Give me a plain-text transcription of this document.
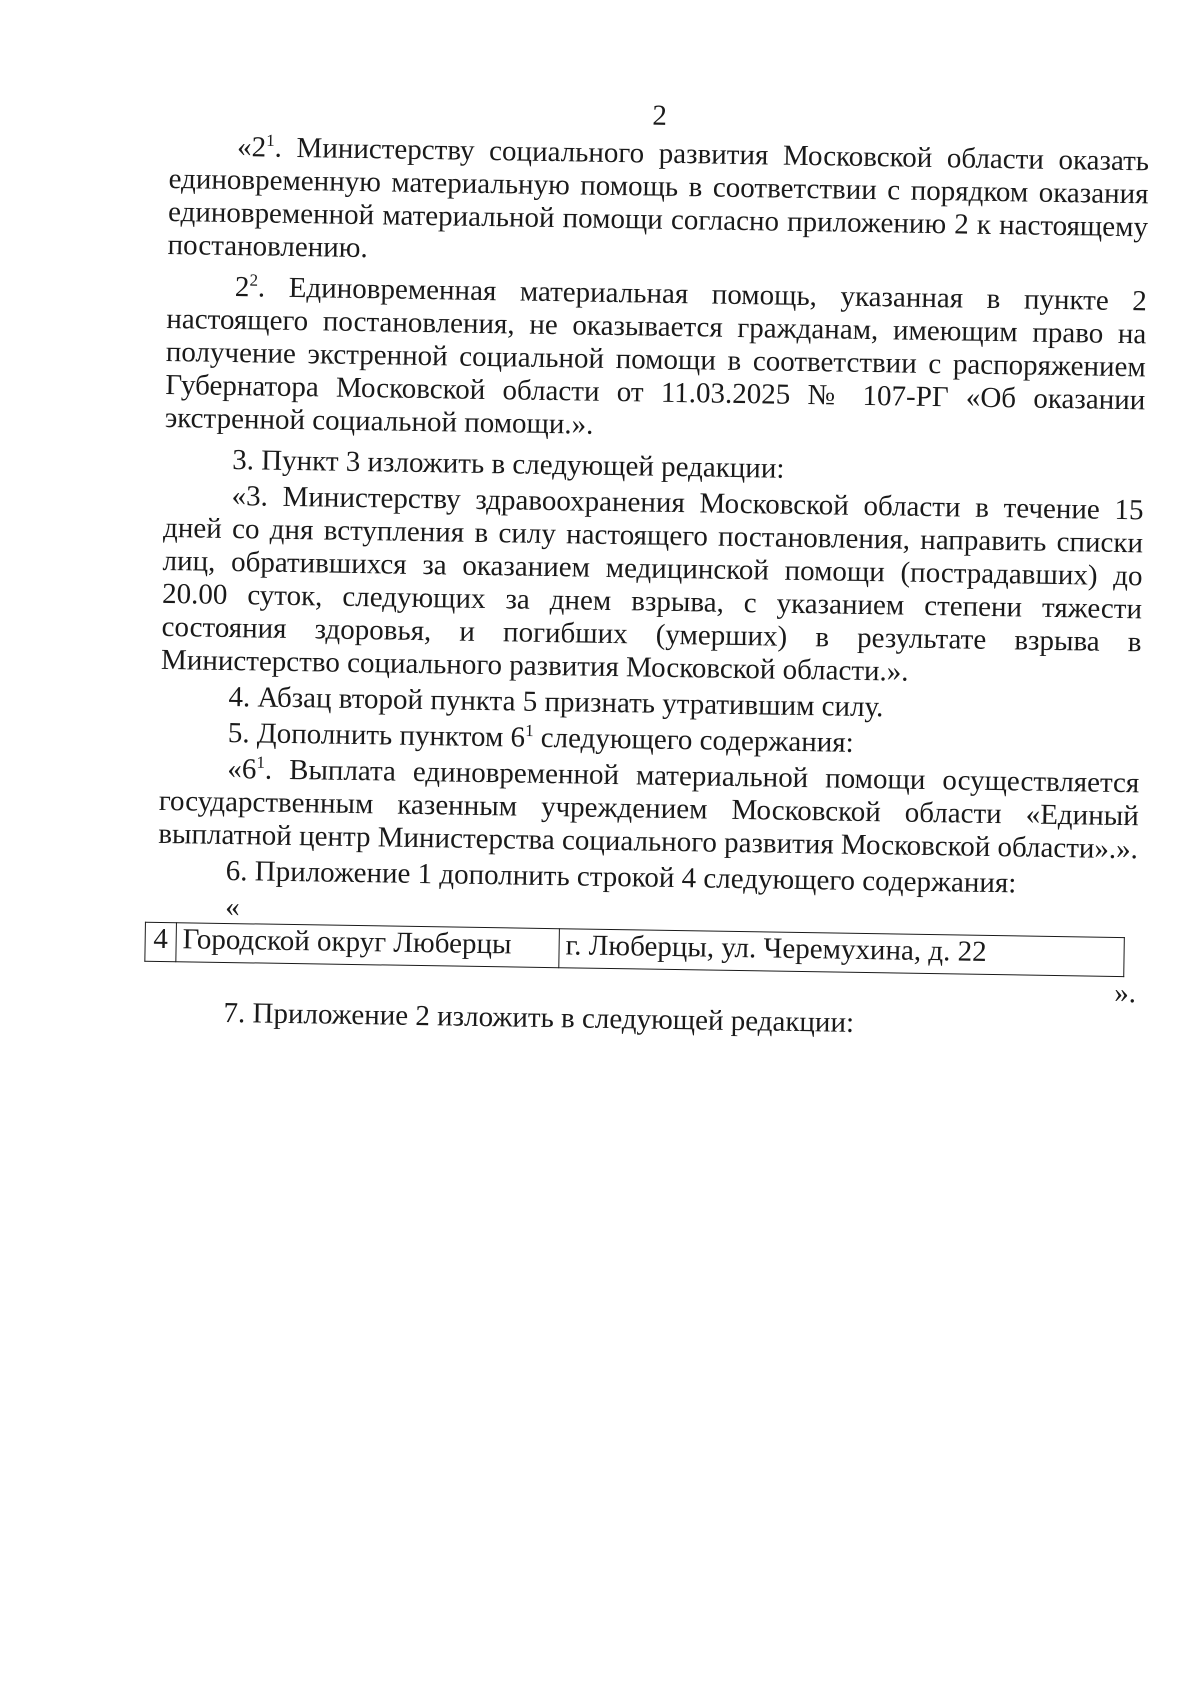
2

«$2^1$. Министерству социального развития Московской области оказать единовременную материальную помощь в соответствии с порядком оказания единовременной материальной помощи согласно приложению 2 к настоящему постановлению.

$2^2$. Единовременная материальная помощь, указанная в пункте 2 настоящего постановления, не оказывается гражданам, имеющим право на получение экстренной социальной помощи в соответствии с распоряжением Губернатора Московской области от 11.03.2025 № 107-РГ «Об оказании экстренной социальной помощи.».

3. Пункт 3 изложить в следующей редакции:

«3. Министерству здравоохранения Московской области в течение 15 дней со дня вступления в силу настоящего постановления, направить списки лиц, обратившихся за оказанием медицинской помощи (пострадавших) до 20.00 суток, следующих за днем взрыва, с указанием степени тяжести состояния здоровья, и погибших (умерших) в результате взрыва в Министерство социального развития Московской области.».

4. Абзац второй пункта 5 признать утратившим силу.

5. Дополнить пунктом $6^1$ следующего содержания:

«$6^1$. Выплата единовременной материальной помощи осуществляется государственным казенным учреждением Московской области «Единый выплатной центр Министерства социального развития Московской области».».

6. Приложение 1 дополнить строкой 4 следующего содержания:

«
4	Городской округ Люберцы	г. Люберцы, ул. Черемухина, д. 22
».

7. Приложение 2 изложить в следующей редакции:
